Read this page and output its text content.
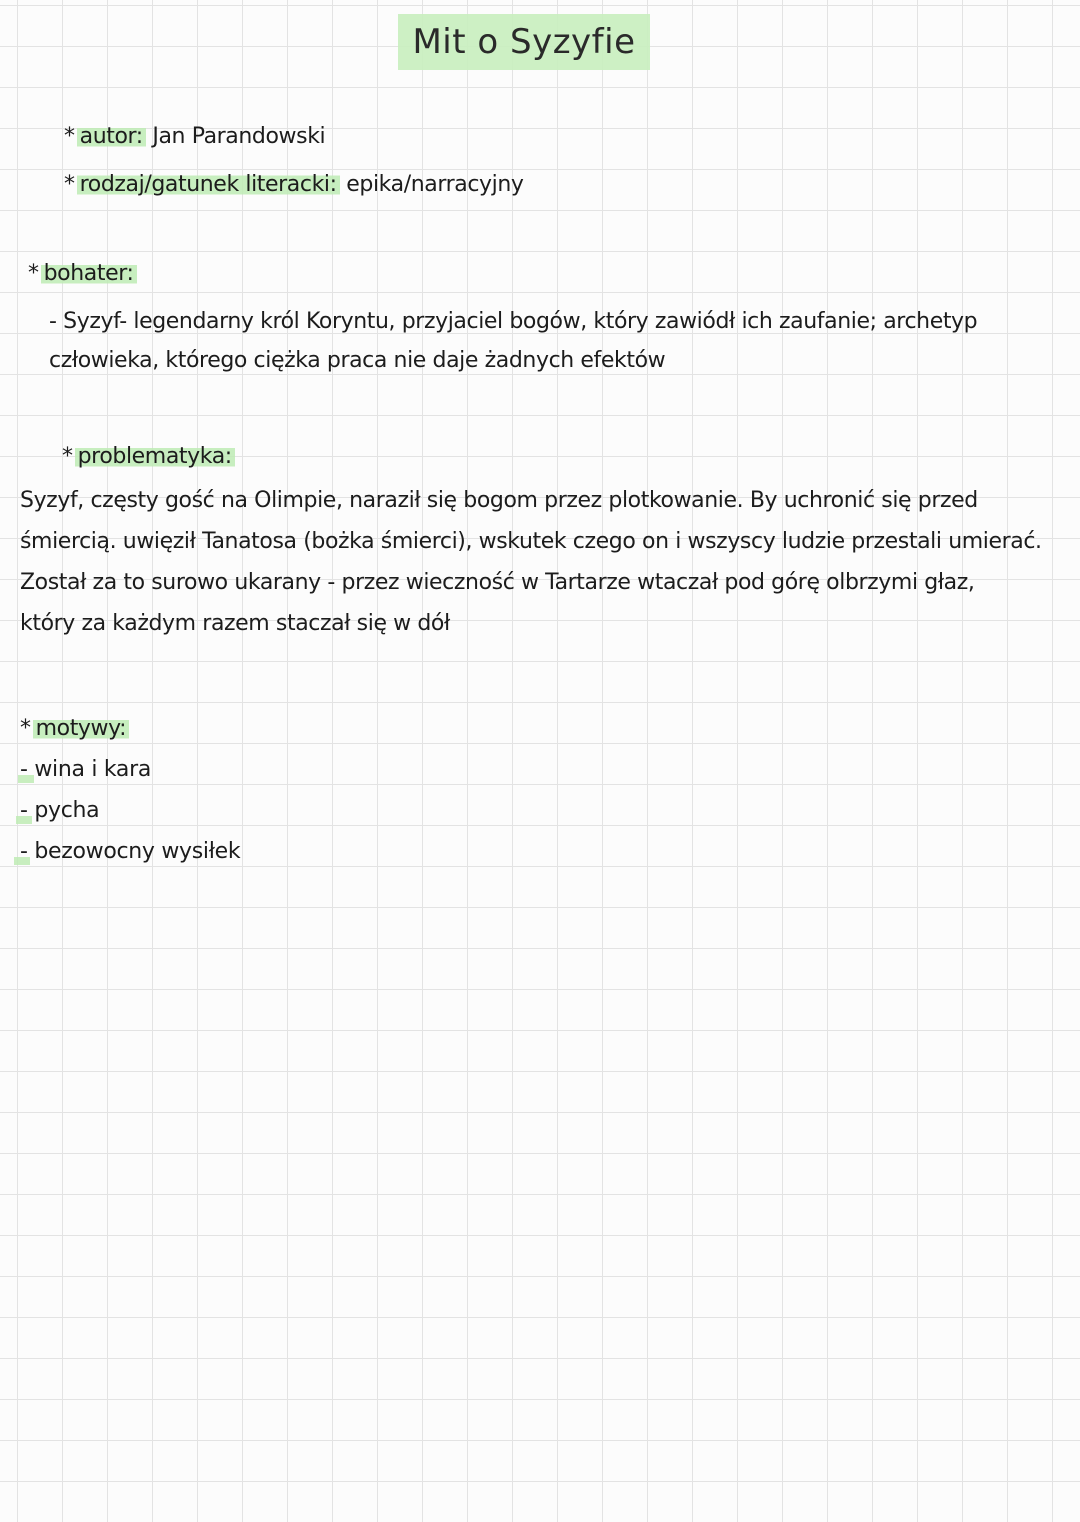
Mit o Syzyfie
* autor: Jan Parandowski
* rodzaj/gatunek literacki: epika/narracyjny
* bohater:
- Syzyf- legendarny król Koryntu, przyjaciel bogów, który zawiódł ich zaufanie; archetyp
człowieka, którego ciężka praca nie daje żadnych efektów
* problematyka:
Syzyf, częsty gość na Olimpie, naraził się bogom przez plotkowanie. By uchronić się przed
śmiercią. uwięził Tanatosa (bożka śmierci), wskutek czego on i wszyscy ludzie przestali umierać.
Został za to surowo ukarany - przez wieczność w Tartarze wtaczał pod górę olbrzymi głaz,
który za każdym razem staczał się w dół
* motywy:
- wina i kara
- pycha
- bezowocny wysiłek
